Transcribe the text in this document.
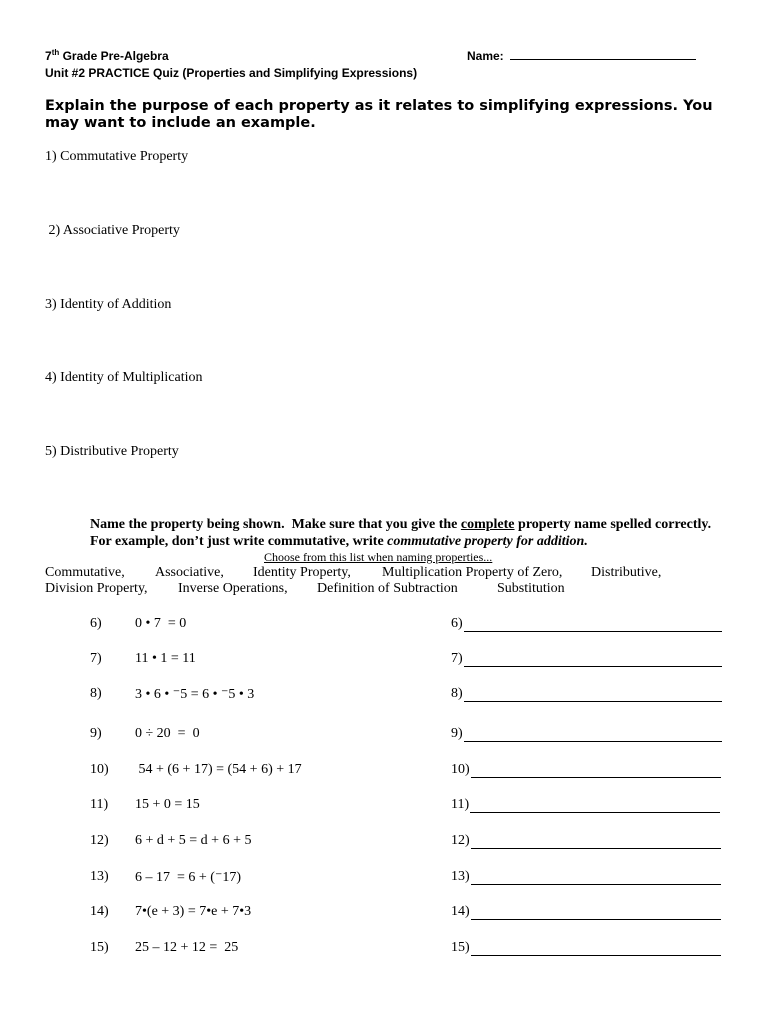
7th Grade Pre-Algebra	Name:
Unit #2 PRACTICE Quiz (Properties and Simplifying Expressions)
Explain the purpose of each property as it relates to simplifying expressions. You may want to include an example.
1) Commutative Property
2) Associative Property
3) Identity of Addition
4) Identity of Multiplication
5) Distributive Property
Name the property being shown.  Make sure that you give the complete property name spelled correctly.
For example, don’t just write commutative, write commutative property for addition.
Choose from this list when naming properties...
Commutative, Associative, Identity Property, Multiplication Property of Zero, Distributive,
Division Property, Inverse Operations, Definition of Subtraction	Substitution
6) 0 • 7  = 0	6)
7) 11 • 1 = 11	7)
8) 3 • 6 • ⁻5 = 6 • ⁻5 • 3	8)
9) 0 ÷ 20  =  0	9)
10) 54 + (6 + 17) = (54 + 6) + 17	10)
11) 15 + 0 = 15	11)
12) 6 + d + 5 = d + 6 + 5	12)
13) 6 – 17  = 6 + (⁻17)	13)
14) 7•(e + 3) = 7•e + 7•3	14)
15) 25 – 12 + 12 =  25	15)
